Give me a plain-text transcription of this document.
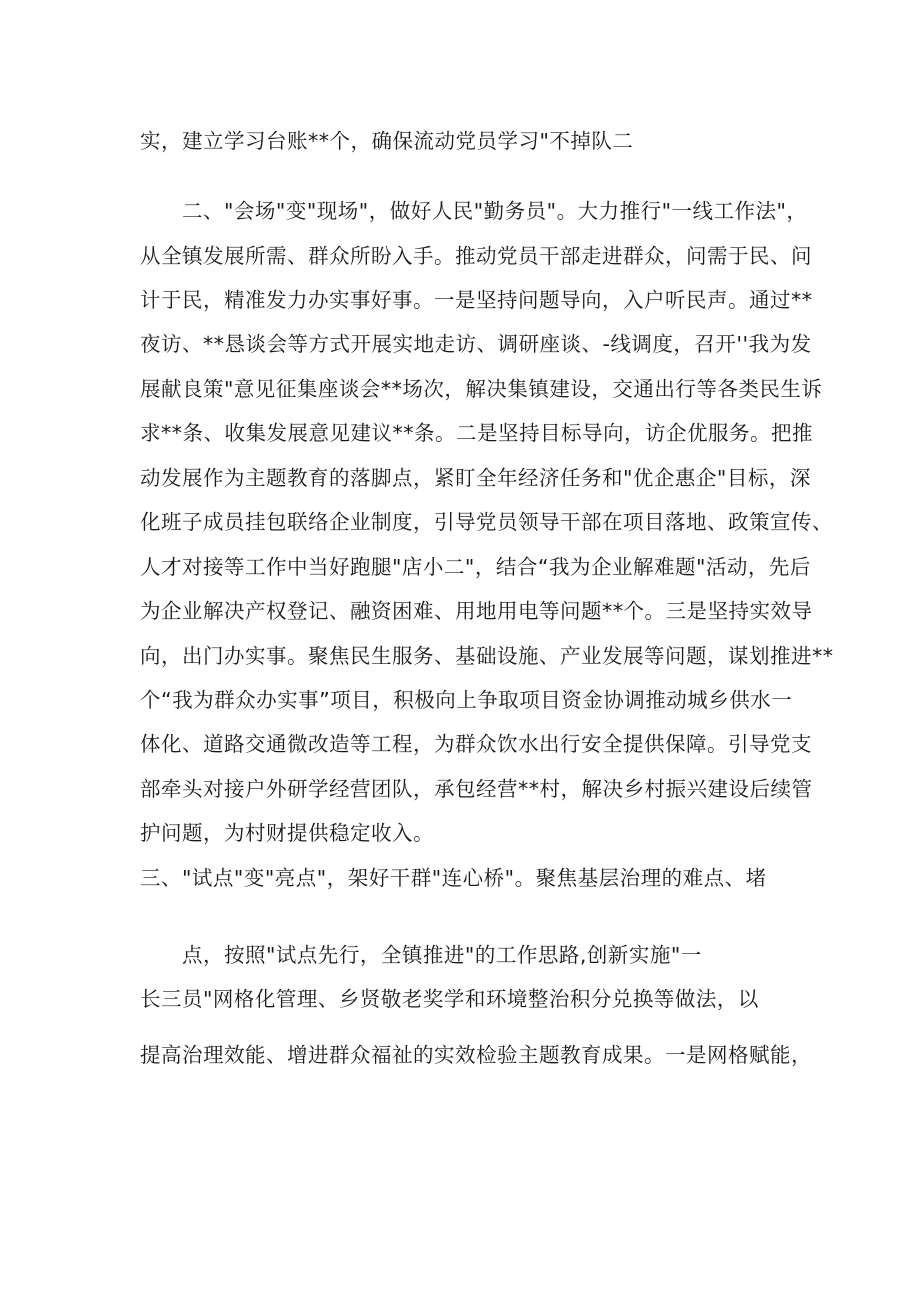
实，建立学习台账**个，确保流动党员学习"不掉队二
二、"会场"变"现场"，做好人民"勤务员"。大力推行"一线工作法"，
从全镇发展所需、群众所盼入手。推动党员干部走进群众，问需于民、问
计于民，精准发力办实事好事。一是坚持问题导向，入户听民声。通过**
夜访、**恳谈会等方式开展实地走访、调研座谈、-线调度，召开''我为发
展献良策"意见征集座谈会**场次，解决集镇建设，交通出行等各类民生诉
求**条、收集发展意见建议**条。二是坚持目标导向，访企优服务。把推
动发展作为主题教育的落脚点，紧盯全年经济任务和"优企惠企"目标，深
化班子成员挂包联络企业制度，引导党员领导干部在项目落地、政策宣传、
人才对接等工作中当好跑腿"店小二"，结合“我为企业解难题"活动，先后
为企业解决产权登记、融资困难、用地用电等问题**个。三是坚持实效导
向，出门办实事。聚焦民生服务、基础设施、产业发展等问题，谋划推进**
个“我为群众办实事”项目，积极向上争取项目资金协调推动城乡供水一
体化、道路交通微改造等工程，为群众饮水出行安全提供保障。引导党支
部牵头对接户外研学经营团队，承包经营**村，解决乡村振兴建设后续管
护问题，为村财提供稳定收入。
三、"试点"变"亮点"，架好干群"连心桥"。聚焦基层治理的难点、堵
点，按照"试点先行，全镇推进"的工作思路,创新实施"一
长三员"网格化管理、乡贤敬老奖学和环境整治积分兑换等做法，以
提高治理效能、增进群众福祉的实效检验主题教育成果。一是网格赋能，
